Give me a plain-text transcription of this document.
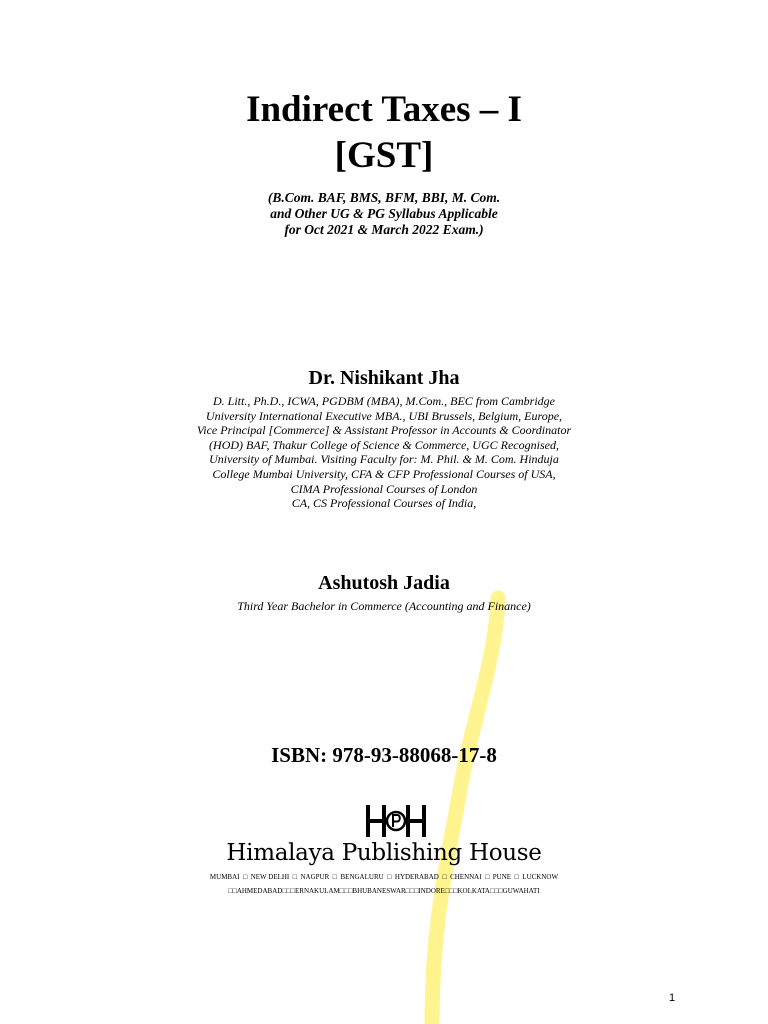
Indirect Taxes – I
[GST]
(B.Com. BAF, BMS, BFM, BBI, M. Com.
and Other UG & PG Syllabus Applicable
for Oct 2021 & March 2022 Exam.)
Dr. Nishikant Jha
D. Litt., Ph.D., ICWA, PGDBM (MBA), M.Com., BEC from Cambridge
University International Executive MBA., UBI Brussels, Belgium, Europe,
Vice Principal [Commerce] & Assistant Professor in Accounts & Coordinator
(HOD) BAF, Thakur College of Science & Commerce, UGC Recognised,
University of Mumbai. Visiting Faculty for: M. Phil. & M. Com. Hinduja
College Mumbai University, CFA & CFP Professional Courses of USA,
CIMA Professional Courses of London
CA, CS Professional Courses of India,
Ashutosh Jadia
Third Year Bachelor in Commerce (Accounting and Finance)
ISBN: 978-93-88068-17-8
Himalaya Publishing House
MUMBAI  □  NEW DELHI  □  NAGPUR  □  BENGALURU  □  HYDERABAD  □  CHENNAI  □  PUNE  □  LUCKNOW
□□AHMEDABAD□□□ERNAKULAM□□□BHUBANESWAR□□□INDORE□□□KOLKATA□□□GUWAHATI
1
